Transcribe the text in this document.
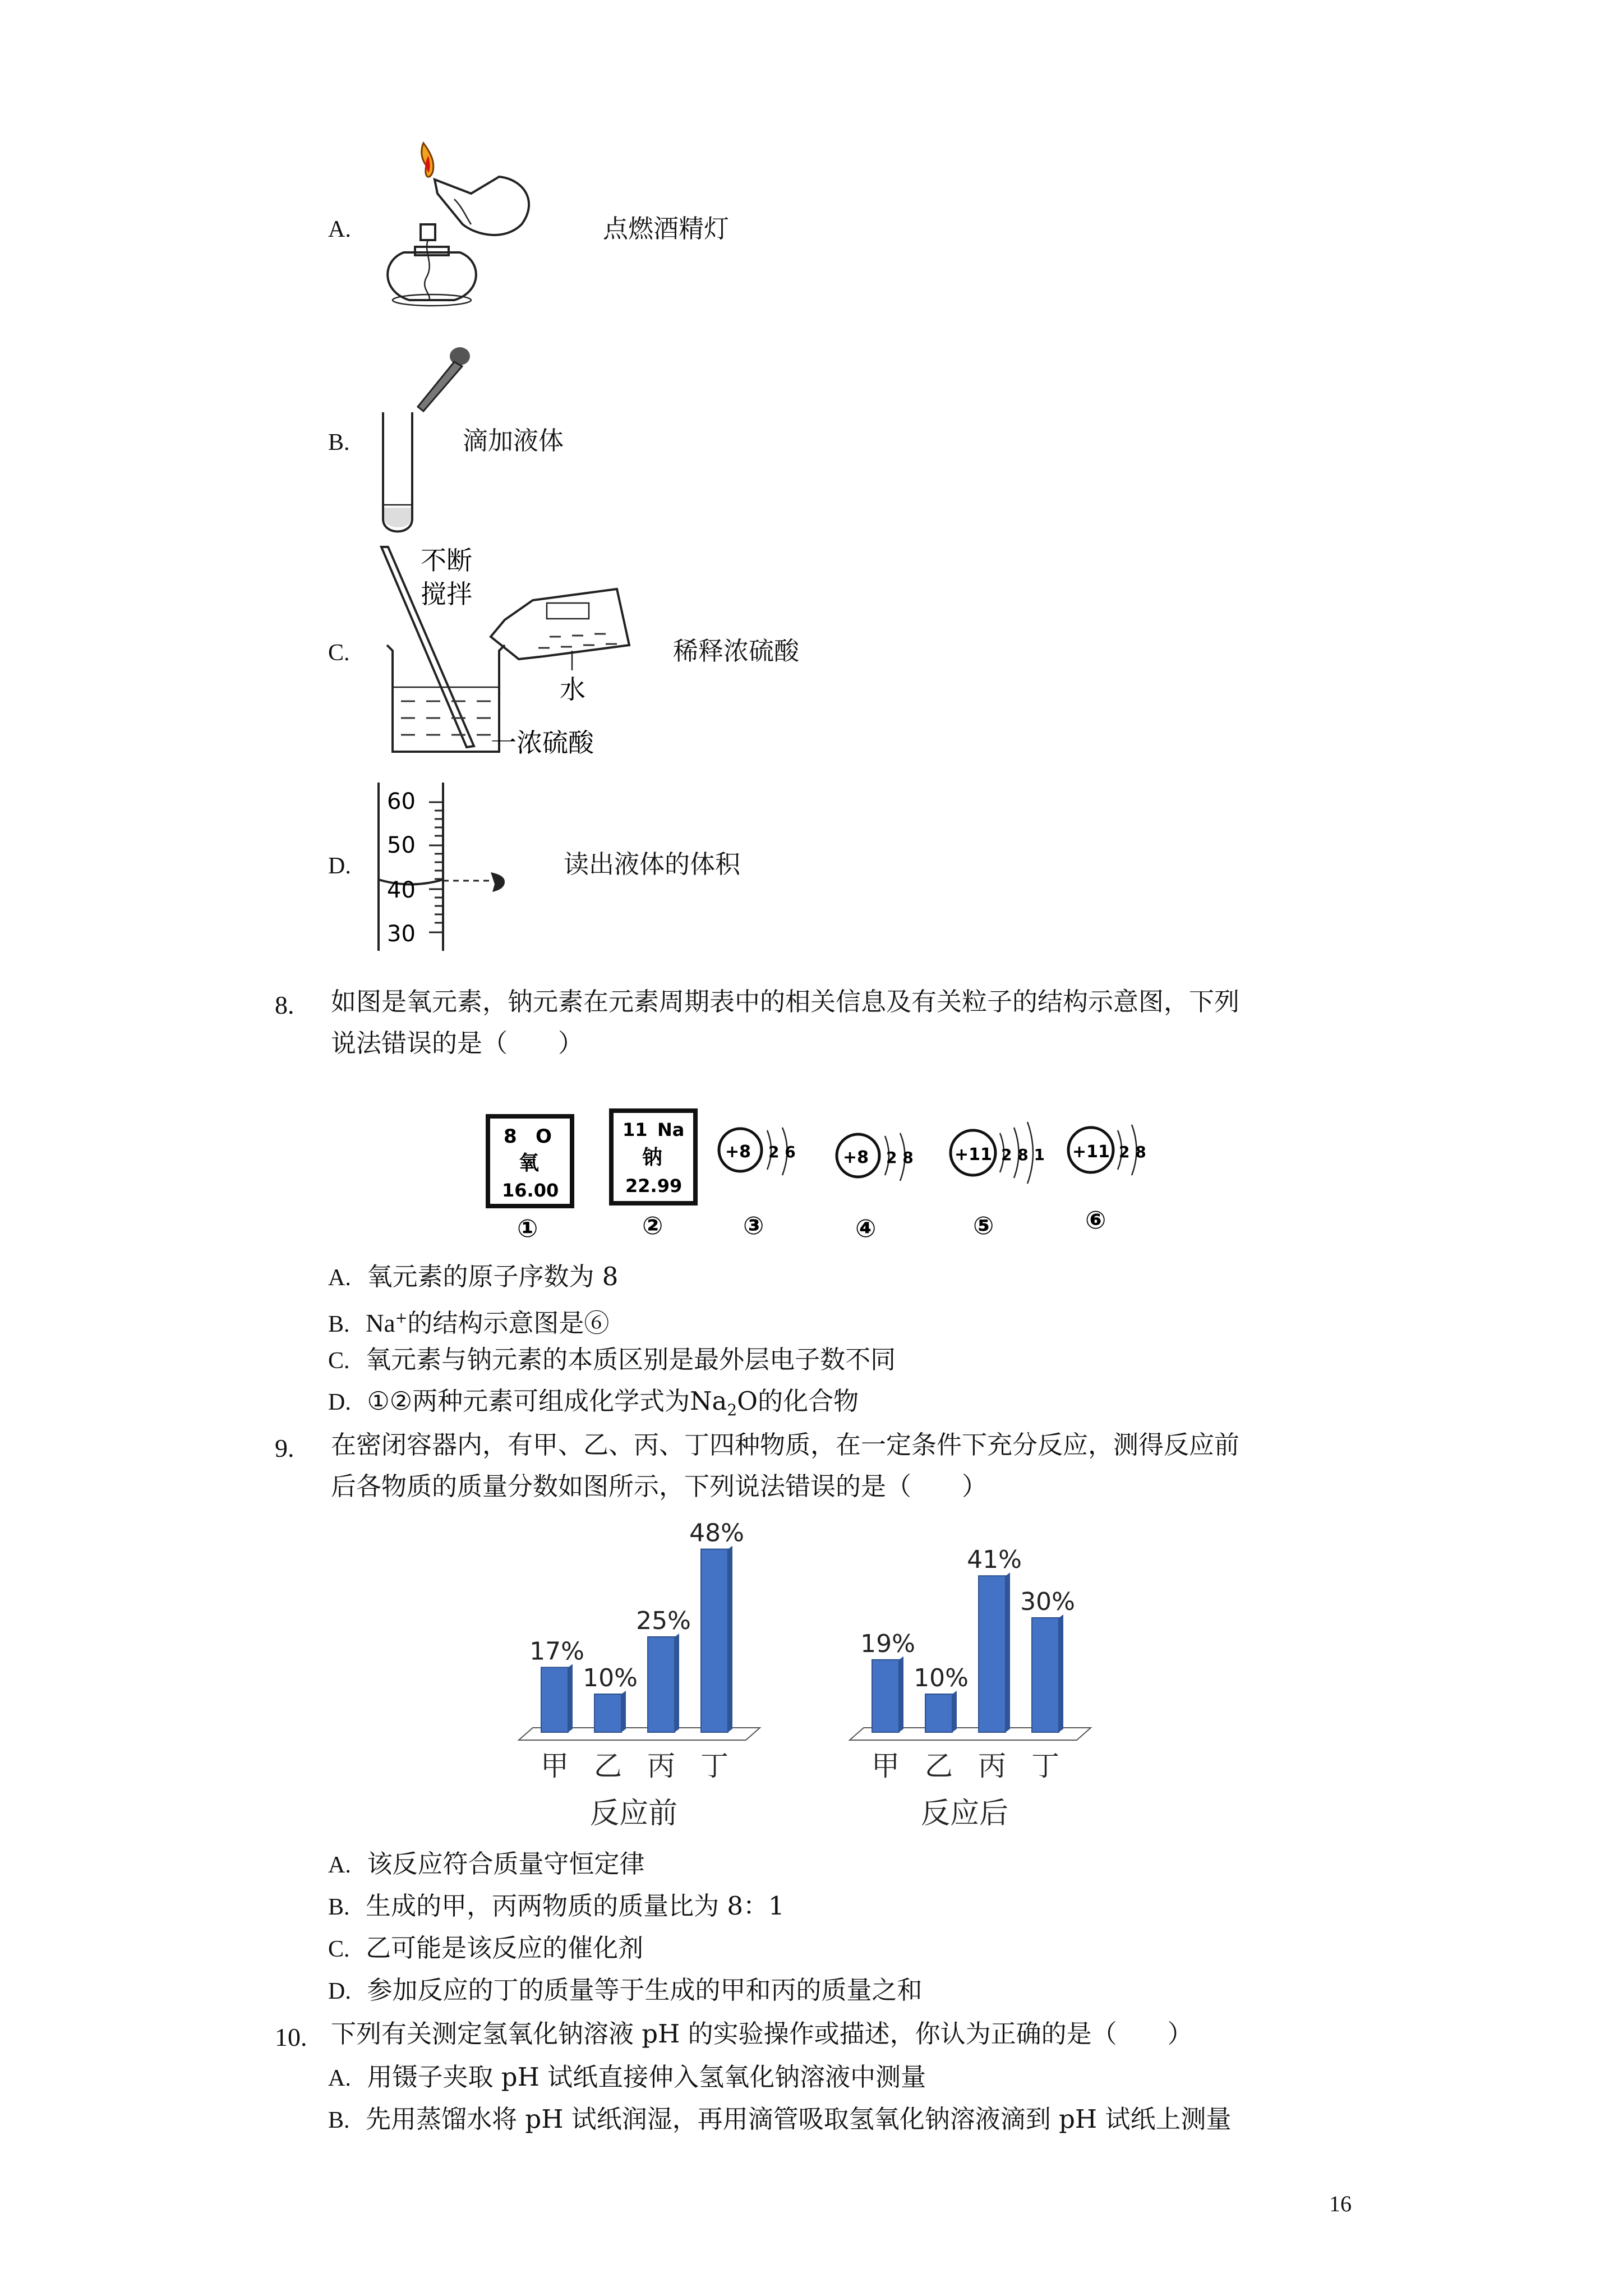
A.	点燃酒精灯
B.	滴加液体
C.
不断
搅拌
水
一浓硫酸
稀释浓硫酸
D.
60
50
40
30
读出液体的体积
8. 如图是氧元素，钠元素在元素周期表中的相关信息及有关粒子的结构示意图，下列
说法错误的是（　　）
8 O
氧
16.00
①
11 Na
钠
22.99
②
+8 2 6
③
+8 2 8
④
+11 2 8 1
⑤
+11 2 8
⑥
A. 氧元素的原子序数为 8
B. Na+的结构示意图是⑥
C. 氧元素与钠元素的本质区别是最外层电子数不同
D. ①②两种元素可组成化学式为$Na_2O$的化合物
9. 在密闭容器内，有甲、乙、丙、丁四种物质，在一定条件下充分反应，测得反应前
后各物质的质量分数如图所示，下列说法错误的是（　　）
17%
甲
10%
乙
25%
丙
48%
丁
反应前
19%
甲
10%
乙
41%
丙
30%
丁
反应后
A. 该反应符合质量守恒定律
B. 生成的甲，丙两物质的质量比为 8：1
C. 乙可能是该反应的催化剂
D. 参加反应的丁的质量等于生成的甲和丙的质量之和
10. 下列有关测定氢氧化钠溶液 pH 的实验操作或描述，你认为正确的是（　　）
A. 用镊子夹取 pH 试纸直接伸入氢氧化钠溶液中测量
B. 先用蒸馏水将 pH 试纸润湿，再用滴管吸取氢氧化钠溶液滴到 pH 试纸上测量
16
